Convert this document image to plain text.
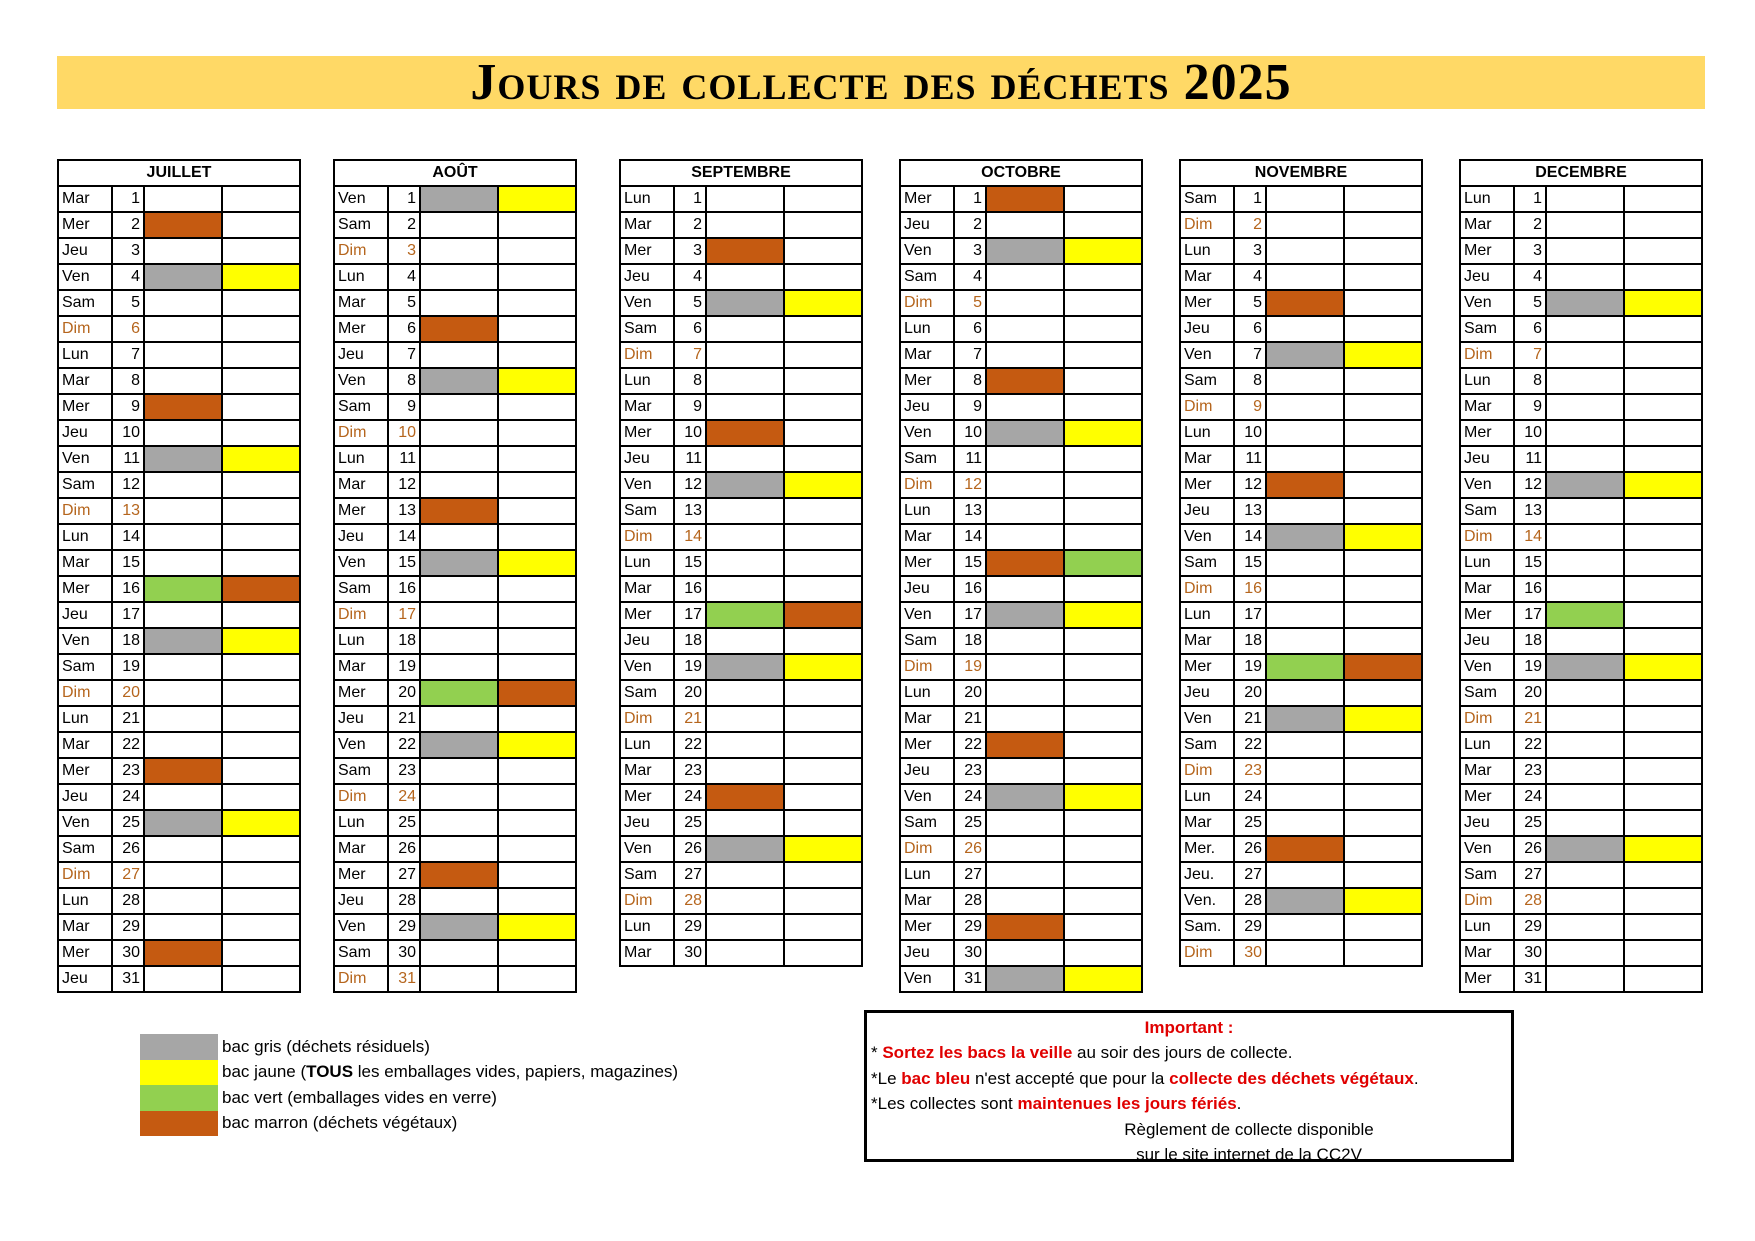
Jours de collecte des déchets 2025
JUILLET			
Mar	1		
Mer	2		
Jeu	3		
Ven	4		
Sam	5		
Dim	6		
Lun	7		
Mar	8		
Mer	9		
Jeu	10		
Ven	11		
Sam	12		
Dim	13		
Lun	14		
Mar	15		
Mer	16		
Jeu	17		
Ven	18		
Sam	19		
Dim	20		
Lun	21		
Mar	22		
Mer	23		
Jeu	24		
Ven	25		
Sam	26		
Dim	27		
Lun	28		
Mar	29		
Mer	30		
Jeu	31		
AOÛT			
Ven	1		
Sam	2		
Dim	3		
Lun	4		
Mar	5		
Mer	6		
Jeu	7		
Ven	8		
Sam	9		
Dim	10		
Lun	11		
Mar	12		
Mer	13		
Jeu	14		
Ven	15		
Sam	16		
Dim	17		
Lun	18		
Mar	19		
Mer	20		
Jeu	21		
Ven	22		
Sam	23		
Dim	24		
Lun	25		
Mar	26		
Mer	27		
Jeu	28		
Ven	29		
Sam	30		
Dim	31		
SEPTEMBRE			
Lun	1		
Mar	2		
Mer	3		
Jeu	4		
Ven	5		
Sam	6		
Dim	7		
Lun	8		
Mar	9		
Mer	10		
Jeu	11		
Ven	12		
Sam	13		
Dim	14		
Lun	15		
Mar	16		
Mer	17		
Jeu	18		
Ven	19		
Sam	20		
Dim	21		
Lun	22		
Mar	23		
Mer	24		
Jeu	25		
Ven	26		
Sam	27		
Dim	28		
Lun	29		
Mar	30		
OCTOBRE			
Mer	1		
Jeu	2		
Ven	3		
Sam	4		
Dim	5		
Lun	6		
Mar	7		
Mer	8		
Jeu	9		
Ven	10		
Sam	11		
Dim	12		
Lun	13		
Mar	14		
Mer	15		
Jeu	16		
Ven	17		
Sam	18		
Dim	19		
Lun	20		
Mar	21		
Mer	22		
Jeu	23		
Ven	24		
Sam	25		
Dim	26		
Lun	27		
Mar	28		
Mer	29		
Jeu	30		
Ven	31		
NOVEMBRE			
Sam	1		
Dim	2		
Lun	3		
Mar	4		
Mer	5		
Jeu	6		
Ven	7		
Sam	8		
Dim	9		
Lun	10		
Mar	11		
Mer	12		
Jeu	13		
Ven	14		
Sam	15		
Dim	16		
Lun	17		
Mar	18		
Mer	19		
Jeu	20		
Ven	21		
Sam	22		
Dim	23		
Lun	24		
Mar	25		
Mer.	26		
Jeu.	27		
Ven.	28		
Sam.	29		
Dim	30		
DECEMBRE			
Lun	1		
Mar	2		
Mer	3		
Jeu	4		
Ven	5		
Sam	6		
Dim	7		
Lun	8		
Mar	9		
Mer	10		
Jeu	11		
Ven	12		
Sam	13		
Dim	14		
Lun	15		
Mar	16		
Mer	17		
Jeu	18		
Ven	19		
Sam	20		
Dim	21		
Lun	22		
Mar	23		
Mer	24		
Jeu	25		
Ven	26		
Sam	27		
Dim	28		
Lun	29		
Mar	30		
Mer	31		
bac gris (déchets résiduels)
bac jaune (TOUS les emballages vides, papiers, magazines)
bac vert (emballages vides en verre)
bac marron (déchets végétaux)
Important :
* Sortez les bacs la veille au soir des jours de collecte.
*Le bac bleu n'est accepté que pour la collecte des déchets végétaux.
*Les collectes sont maintenues les jours fériés.
Règlement de collecte disponible
sur le site internet de la CC2V
